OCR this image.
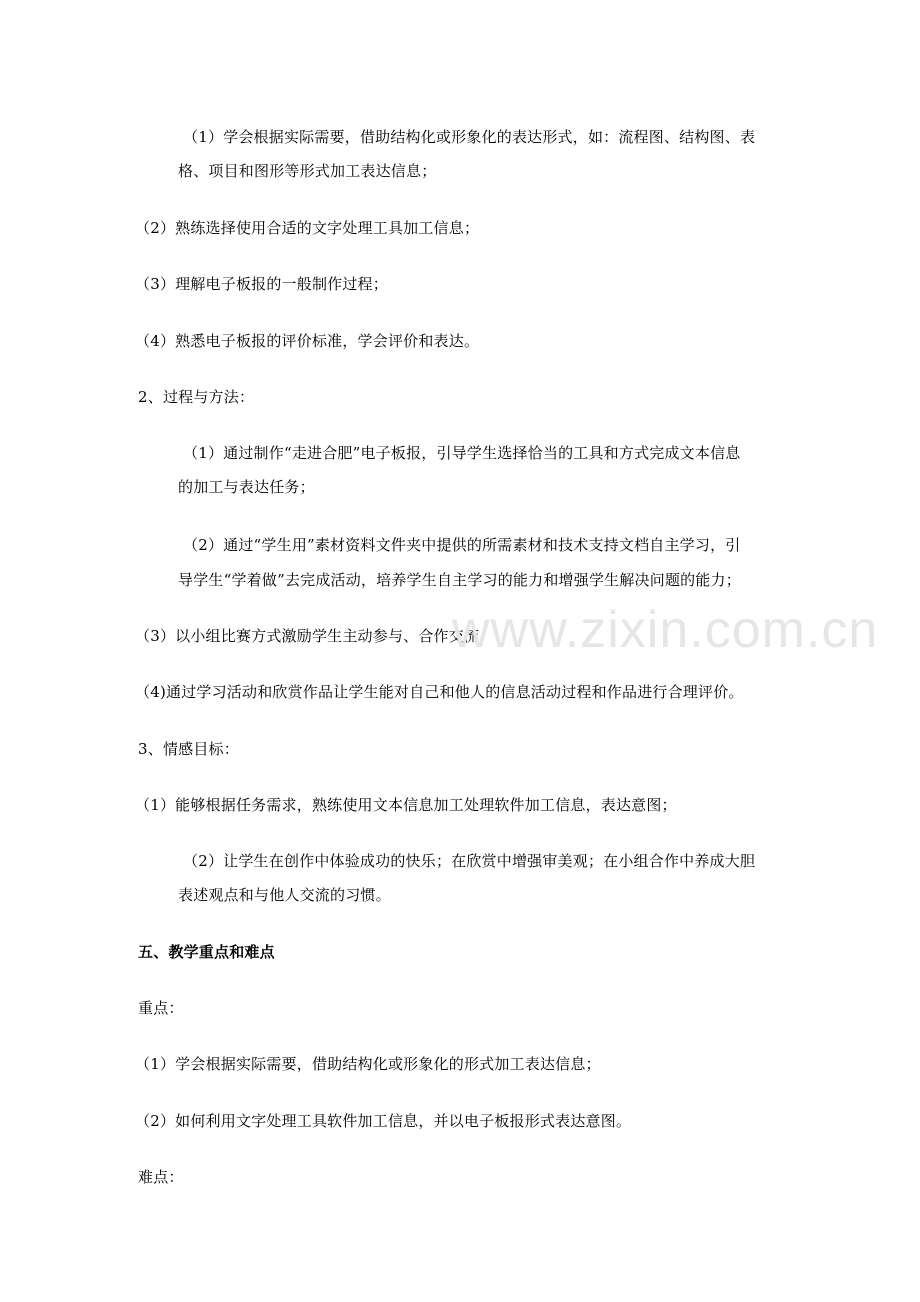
（1）学会根据实际需要，借助结构化或形象化的表达形式，如：流程图、结构图、表
格、项目和图形等形式加工表达信息；
（2）熟练选择使用合适的文字处理工具加工信息；
（3）理解电子板报的一般制作过程；
（4）熟悉电子板报的评价标准，学会评价和表达。
2、过程与方法：
（1）通过制作“走进合肥”电子板报，引导学生选择恰当的工具和方式完成文本信息
的加工与表达任务；
（2）通过“学生用”素材资料文件夹中提供的所需素材和技术支持文档自主学习，引
导学生“学着做”去完成活动，培养学生自主学习的能力和增强学生解决问题的能力；
（3）以小组比赛方式激励学生主动参与、合作交流；
（4)通过学习活动和欣赏作品让学生能对自己和他人的信息活动过程和作品进行合理评价。
3、情感目标：
（1）能够根据任务需求，熟练使用文本信息加工处理软件加工信息，表达意图；
（2）让学生在创作中体验成功的快乐；在欣赏中增强审美观；在小组合作中养成大胆
表述观点和与他人交流的习惯。
五、教学重点和难点
重点：
（1）学会根据实际需要，借助结构化或形象化的形式加工表达信息；
（2）如何利用文字处理工具软件加工信息，并以电子板报形式表达意图。
难点：
www.zixin.com.cn
